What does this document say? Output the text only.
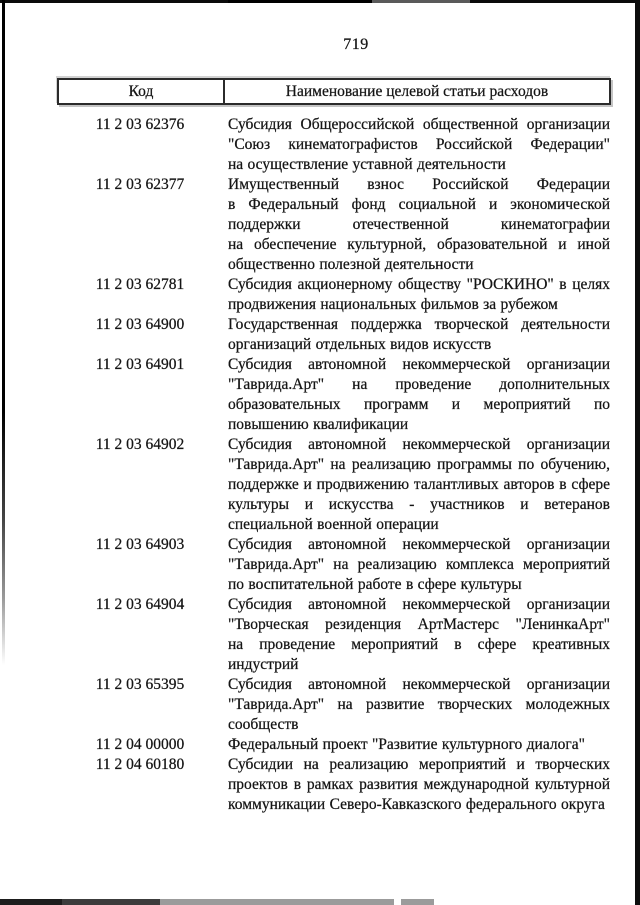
719
Код	Наименование целевой статьи расходов
11 2 03 62376	Субсидия Общероссийской общественной организации "Союз кинематографистов Российской Федерации" на осуществление уставной деятельности
11 2 03 62377	Имущественный взнос Российской Федерации в Федеральный фонд социальной и экономической поддержки отечественной кинематографии на обеспечение культурной, образовательной и иной общественно полезной деятельности
11 2 03 62781	Субсидия акционерному обществу "РОСКИНО" в целях продвижения национальных фильмов за рубежом
11 2 03 64900	Государственная поддержка творческой деятельности организаций отдельных видов искусств
11 2 03 64901	Субсидия автономной некоммерческой организации "Таврида.Арт" на проведение дополнительных образовательных программ и мероприятий по повышению квалификации
11 2 03 64902	Субсидия автономной некоммерческой организации "Таврида.Арт" на реализацию программы по обучению, поддержке и продвижению талантливых авторов в сфере культуры и искусства - участников и ветеранов специальной военной операции
11 2 03 64903	Субсидия автономной некоммерческой организации "Таврида.Арт" на реализацию комплекса мероприятий по воспитательной работе в сфере культуры
11 2 03 64904	Субсидия автономной некоммерческой организации "Творческая резиденция АртМастерс "ЛенинкаАрт" на проведение мероприятий в сфере креативных индустрий
11 2 03 65395	Субсидия автономной некоммерческой организации "Таврида.Арт" на развитие творческих молодежных сообществ
11 2 04 00000	Федеральный проект "Развитие культурного диалога"
11 2 04 60180	Субсидии на реализацию мероприятий и творческих проектов в рамках развития международной культурной коммуникации Северо-Кавказского федерального округа
